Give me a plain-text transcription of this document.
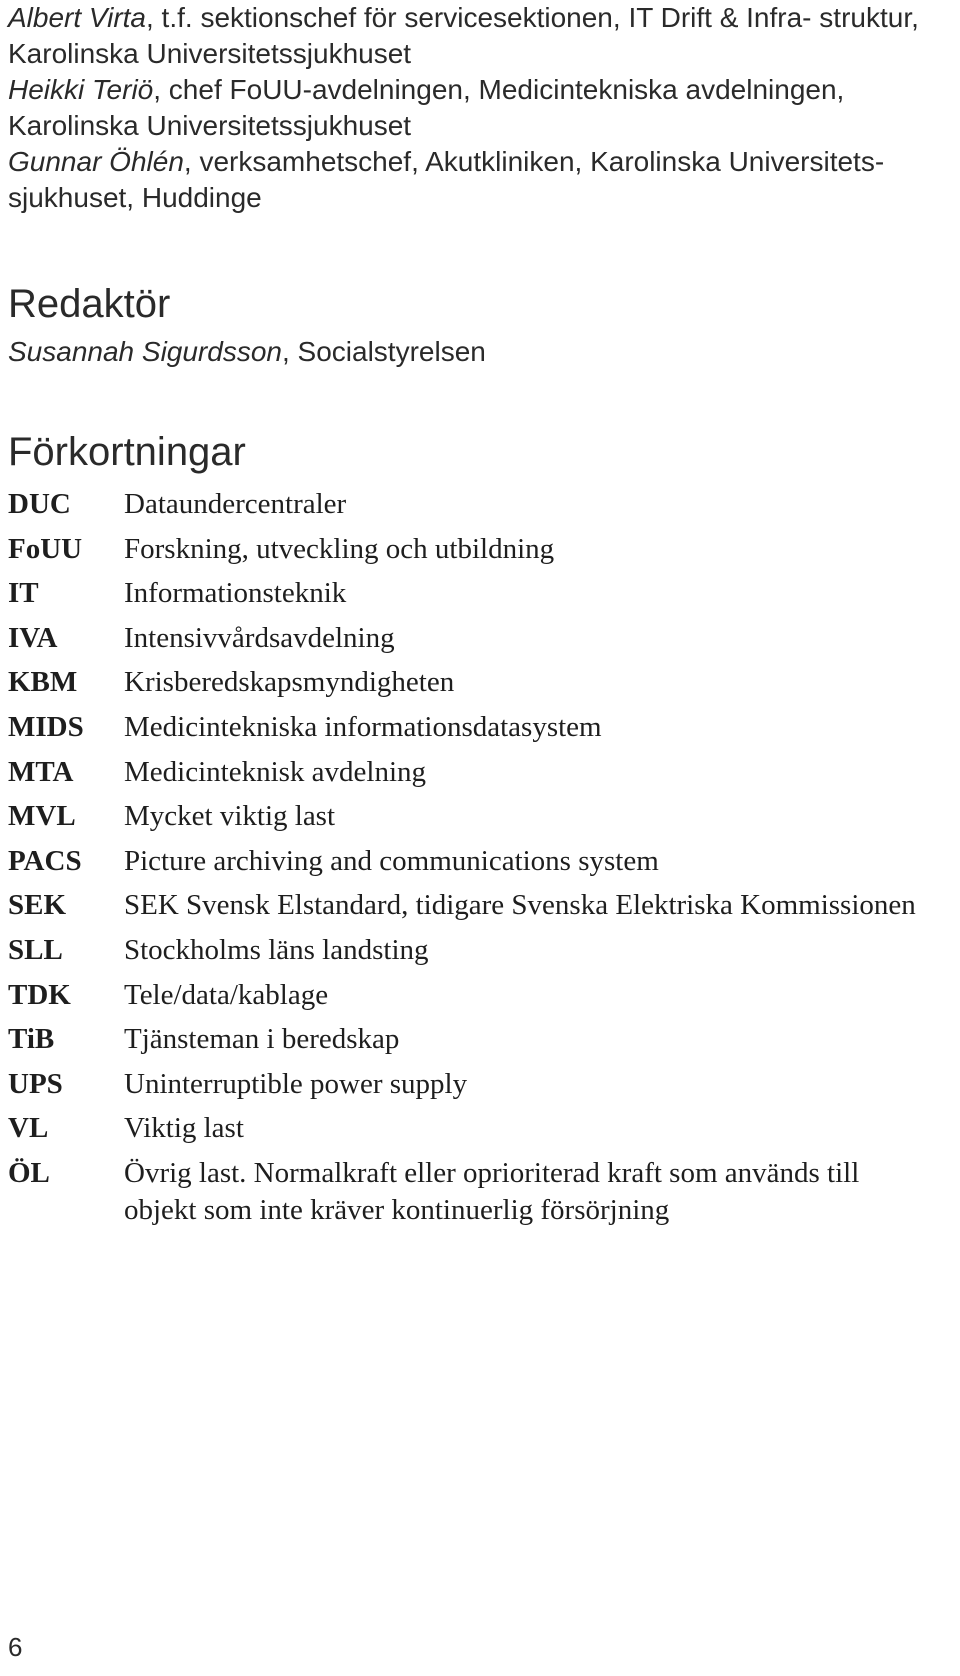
Albert Virta, t.f. sektionschef för servicesektionen, IT Drift & Infra- struktur, Karolinska Universitetssjukhuset

Heikki Teriö, chef FoUU-avdelningen, Medicintekniska avdelningen, Karolinska Universitetssjukhuset

Gunnar Öhlén, verksamhetschef, Akutkliniken, Karolinska Universitets- sjukhuset, Huddinge

Redaktör

Susannah Sigurdsson, Socialstyrelsen

Förkortningar
DUC	Dataundercentraler
FoUU	Forskning, utveckling och utbildning
IT	Informationsteknik
IVA	Intensivvårdsavdelning
KBM	Krisberedskapsmyndigheten
MIDS	Medicintekniska informationsdatasystem
MTA	Medicinteknisk avdelning
MVL	Mycket viktig last
PACS	Picture archiving and communications system
SEK	SEK Svensk Elstandard, tidigare Svenska Elektriska Kommissionen
SLL	Stockholms läns landsting
TDK	Tele/data/kablage
TiB	Tjänsteman i beredskap
UPS	Uninterruptible power supply
VL	Viktig last
ÖL	Övrig last. Normalkraft eller oprioriterad kraft som används till objekt som inte kräver kontinuerlig försörjning
6
